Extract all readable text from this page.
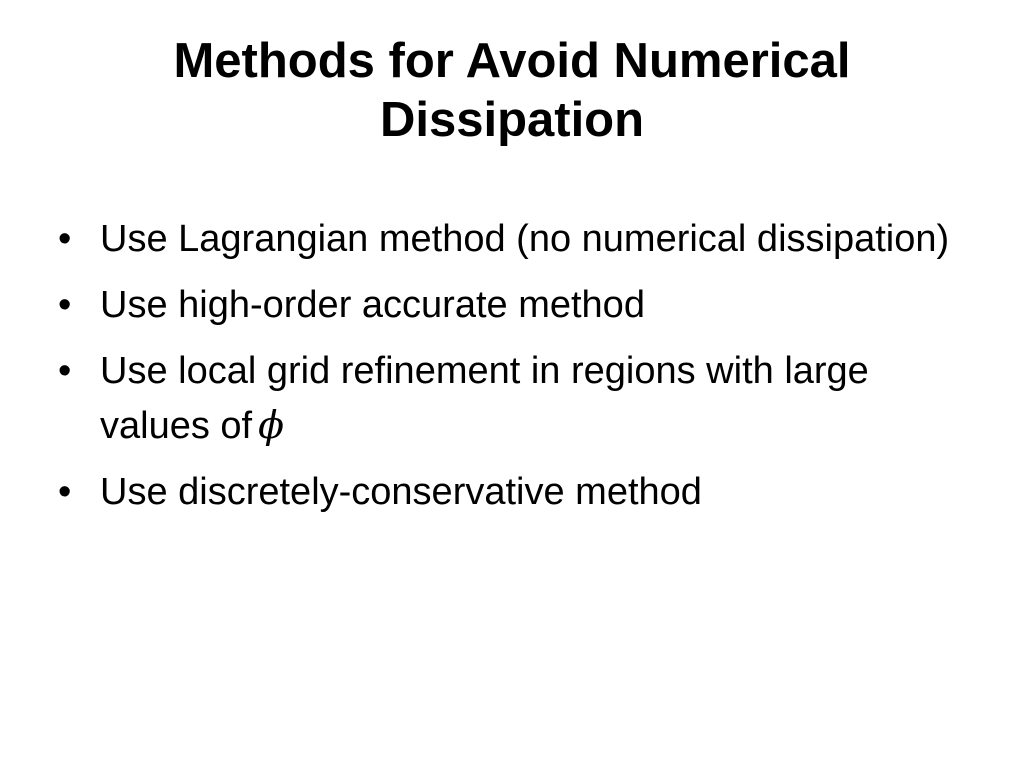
Methods for Avoid Numerical
Dissipation
• Use Lagrangian method (no numerical dissipation)
• Use high-order accurate method
• Use local grid refinement in regions with large values of ϕ
• Use discretely-conservative method
